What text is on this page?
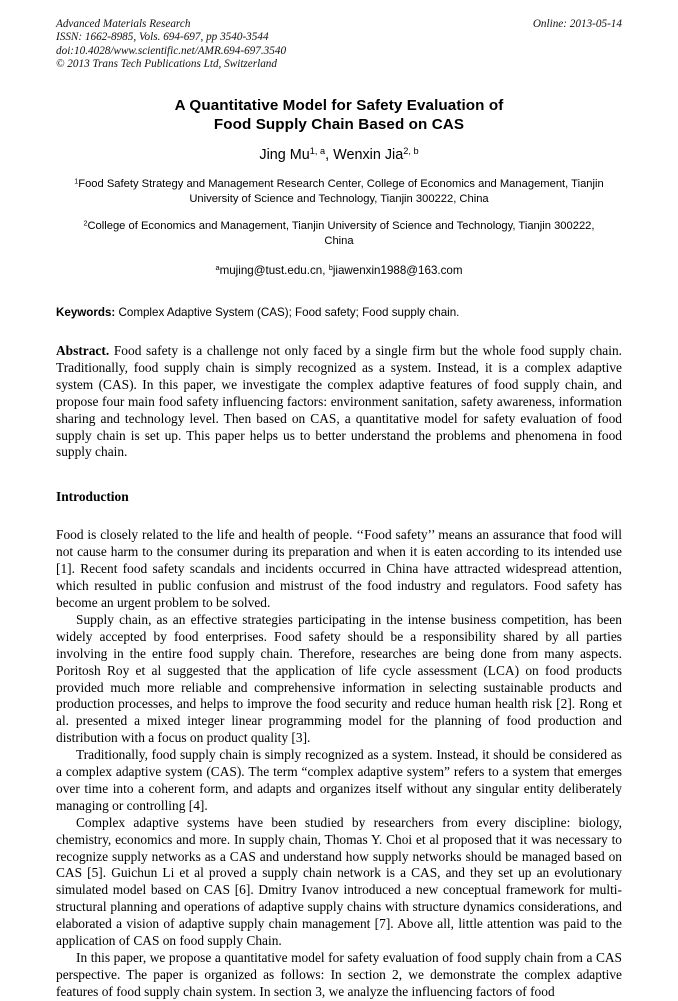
Online: 2013-05-14
Advanced Materials Research
ISSN: 1662-8985, Vols. 694-697, pp 3540-3544
doi:10.4028/www.scientific.net/AMR.694-697.3540
© 2013 Trans Tech Publications Ltd, Switzerland
A Quantitative Model for Safety Evaluation of
Food Supply Chain Based on CAS
Jing Mu$^{1, a}$, Wenxin Jia$^{2, b}$
$^1$Food Safety Strategy and Management Research Center, College of Economics and Management, Tianjin University of Science and Technology, Tianjin 300222, China
$^2$College of Economics and Management, Tianjin University of Science and Technology, Tianjin 300222, China
$^a$mujing@tust.edu.cn, $^b$jiawenxin1988@163.com
Keywords: Complex Adaptive System (CAS); Food safety; Food supply chain.
Abstract. Food safety is a challenge not only faced by a single firm but the whole food supply chain. Traditionally, food supply chain is simply recognized as a system. Instead, it is a complex adaptive system (CAS). In this paper, we investigate the complex adaptive features of food supply chain, and propose four main food safety influencing factors: environment sanitation, safety awareness, information sharing and technology level. Then based on CAS, a quantitative model for safety evaluation of food supply chain is set up. This paper helps us to better understand the problems and phenomena in food supply chain.
Introduction

Food is closely related to the life and health of people. ‘‘Food safety’’ means an assurance that food will not cause harm to the consumer during its preparation and when it is eaten according to its intended use [1]. Recent food safety scandals and incidents occurred in China have attracted widespread attention, which resulted in public confusion and mistrust of the food industry and regulators. Food safety has become an urgent problem to be solved.

Supply chain, as an effective strategies participating in the intense business competition, has been widely accepted by food enterprises. Food safety should be a responsibility shared by all parties involving in the entire food supply chain. Therefore, researches are being done from many aspects. Poritosh Roy et al suggested that the application of life cycle assessment (LCA) on food products provided much more reliable and comprehensive information in selecting sustainable products and production processes, and helps to improve the food security and reduce human health risk [2]. Rong et al. presented a mixed integer linear programming model for the planning of food production and distribution with a focus on product quality [3].

Traditionally, food supply chain is simply recognized as a system. Instead, it should be considered as a complex adaptive system (CAS). The term “complex adaptive system” refers to a system that emerges over time into a coherent form, and adapts and organizes itself without any singular entity deliberately managing or controlling [4].

Complex adaptive systems have been studied by researchers from every discipline: biology, chemistry, economics and more. In supply chain, Thomas Y. Choi et al proposed that it was necessary to recognize supply networks as a CAS and understand how supply networks should be managed based on CAS [5]. Guichun Li et al proved a supply chain network is a CAS, and they set up an evolutionary simulated model based on CAS [6]. Dmitry Ivanov introduced a new conceptual framework for multi-structural planning and operations of adaptive supply chains with structure dynamics considerations, and elaborated a vision of adaptive supply chain management [7]. Above all, little attention was paid to the application of CAS on food supply Chain.

In this paper, we propose a quantitative model for safety evaluation of food supply chain from a CAS perspective. The paper is organized as follows: In section 2, we demonstrate the complex adaptive features of food supply chain system. In section 3, we analyze the influencing factors of food
